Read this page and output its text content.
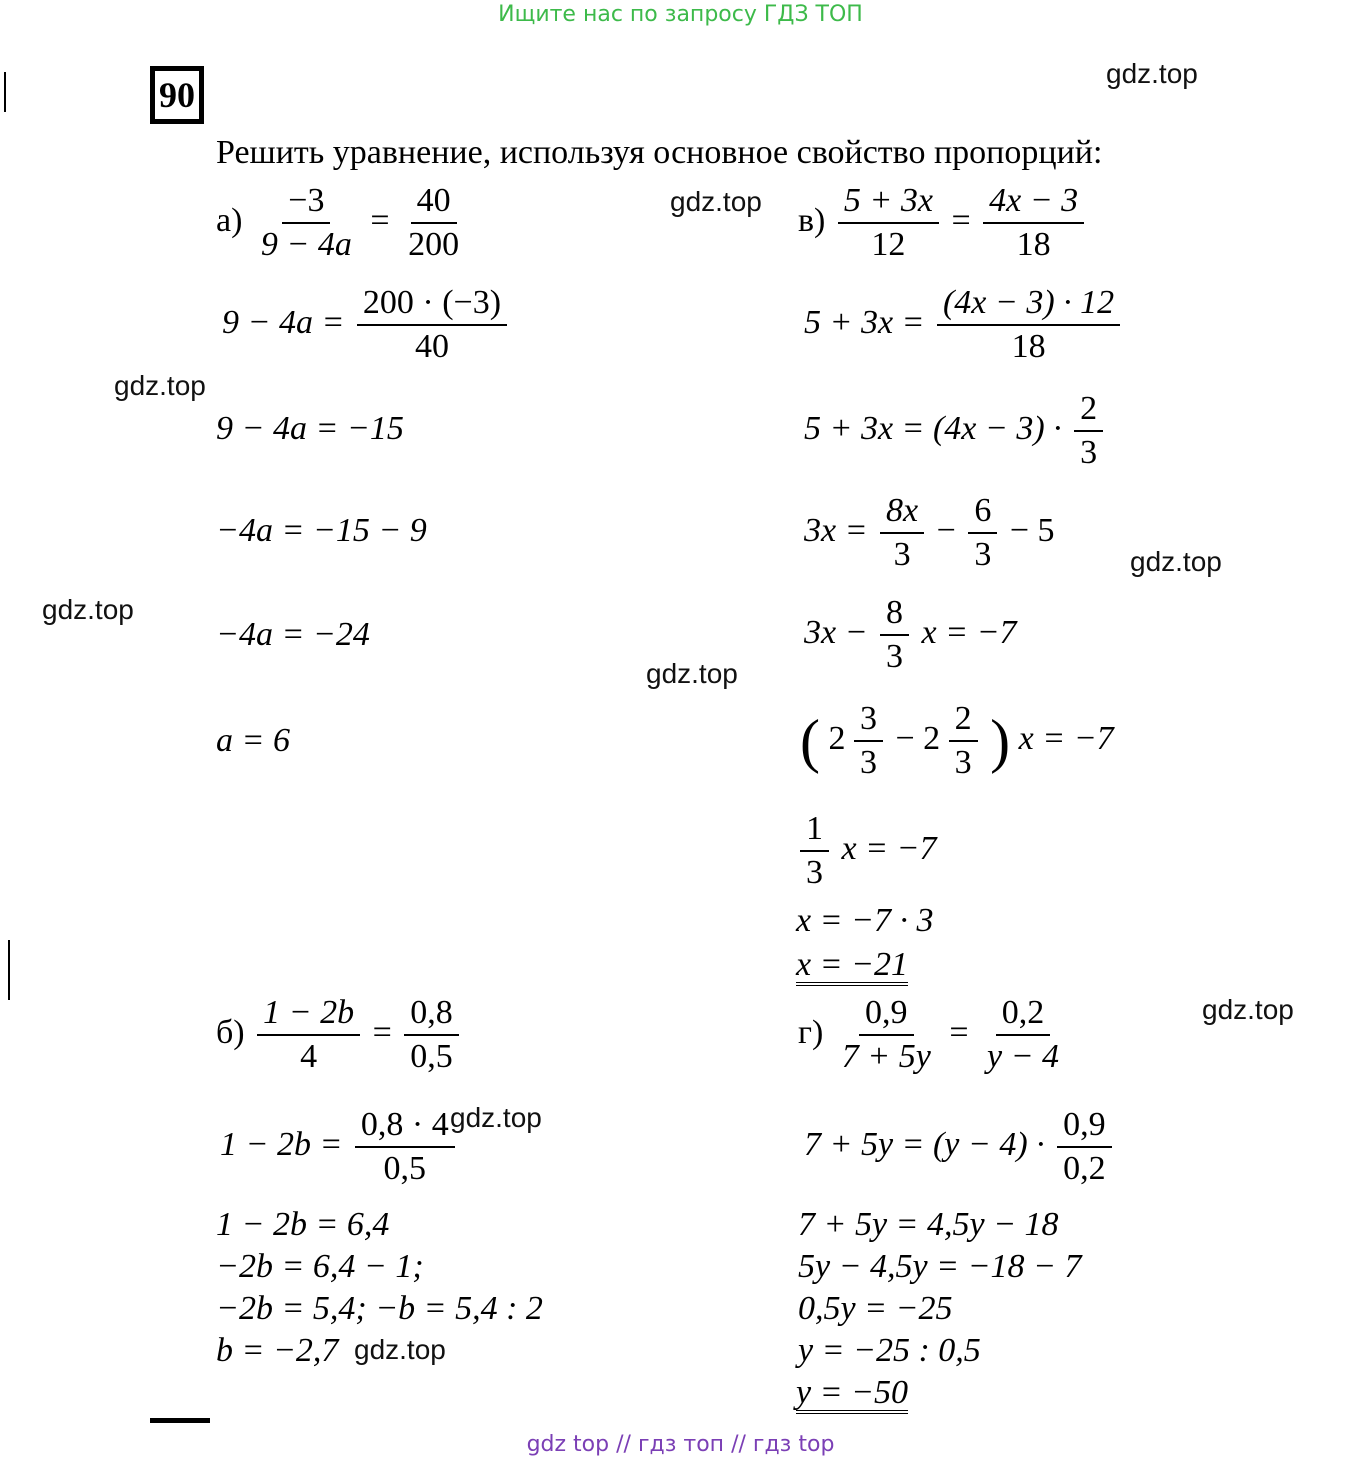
Ищите нас по запросу ГДЗ ТОП
90
Решить уравнение, используя основное свойство пропорций:
gdz.top
gdz.top
gdz.top
gdz.top
gdz.top
gdz.top
gdz.top
gdz.top
gdz.top
$а) \frac{-3}{9 - 4a} = \frac{40}{200}$
$9 - 4a = \frac{200 \cdot (-3)}{40}$
9 − 4a = −15
−4a = −15 − 9
−4a = −24
a = 6
$б) \frac{1 - 2b}{4} = \frac{0,8}{0,5}$
$1 - 2b = \frac{0,8 \cdot 4}{0,5}$
1 − 2b = 6,4
−2b = 6,4 − 1;
−2b = 5,4; −b = 5,4 : 2
b = −2,7
$в) \frac{5 + 3x}{12} = \frac{4x - 3}{18}$
$5 + 3x = \frac{(4x - 3) \cdot 12}{18}$
$5 + 3x = (4x - 3) \cdot \frac{2}{3}$
$3x = \frac{8x}{3} - \frac{6}{3} - 5$
$3x - \frac{8}{3}$ x = −7
( $2 \frac{3}{3} - 2 \frac{2}{3}$ ) x = −7
$\frac{1}{3}$ x = −7
x = −7 · 3
x = −21
$г) \frac{0,9}{7 + 5y} = \frac{0,2}{y - 4}$
$7 + 5y = (y - 4) \cdot \frac{0,9}{0,2}$
7 + 5y = 4,5y − 18
5y − 4,5y = −18 − 7
0,5y = −25
y = −25 : 0,5
y = −50
gdz top // гдз топ // гдз top
